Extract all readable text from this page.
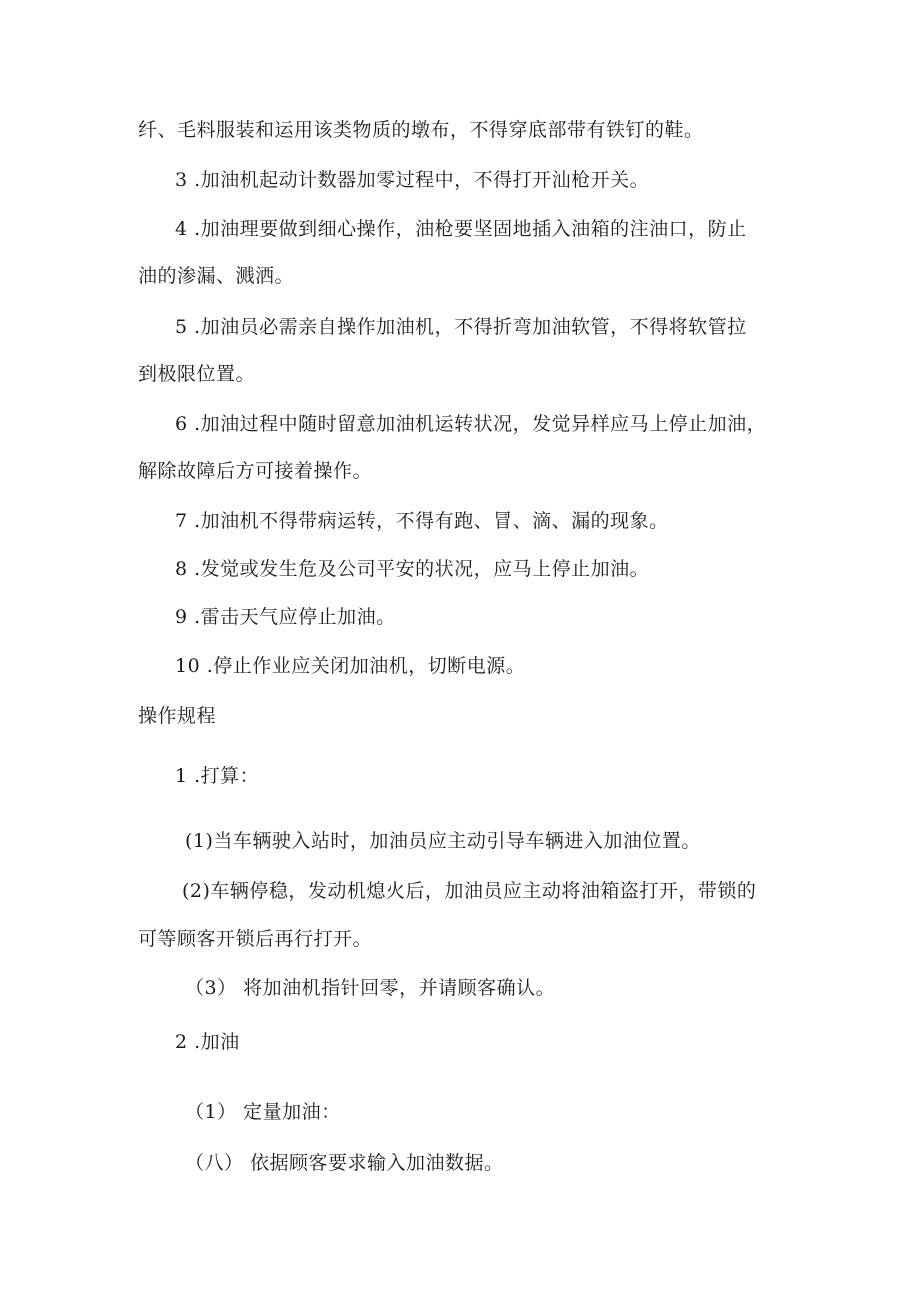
纤、毛料服装和运用该类物质的墩布，不得穿底部带有铁钉的鞋。
3 .加油机起动计数器加零过程中，不得打开汕枪开关。
4 .加油理要做到细心操作，油枪要坚固地插入油箱的注油口，防止
油的渗漏、溅洒。
5 .加油员必需亲自操作加油机，不得折弯加油软管，不得将软管拉
到极限位置。
6 .加油过程中随时留意加油机运转状况，发觉异样应马上停止加油，
解除故障后方可接着操作。
7 .加油机不得带病运转，不得有跑、冒、滴、漏的现象。
8 .发觉或发生危及公司平安的状况，应马上停止加油。
9 .雷击天气应停止加油。
10 .停止作业应关闭加油机，切断电源。
操作规程
1 .打算：
(1)当车辆驶入站时，加油员应主动引导车辆进入加油位置。
(2)车辆停稳，发动机熄火后，加油员应主动将油箱盗打开，带锁的
可等顾客开锁后再行打开。
（3） 将加油机指针回零，并请顾客确认。
2 .加油
（1） 定量加油：
（八） 依据顾客要求输入加油数据。
